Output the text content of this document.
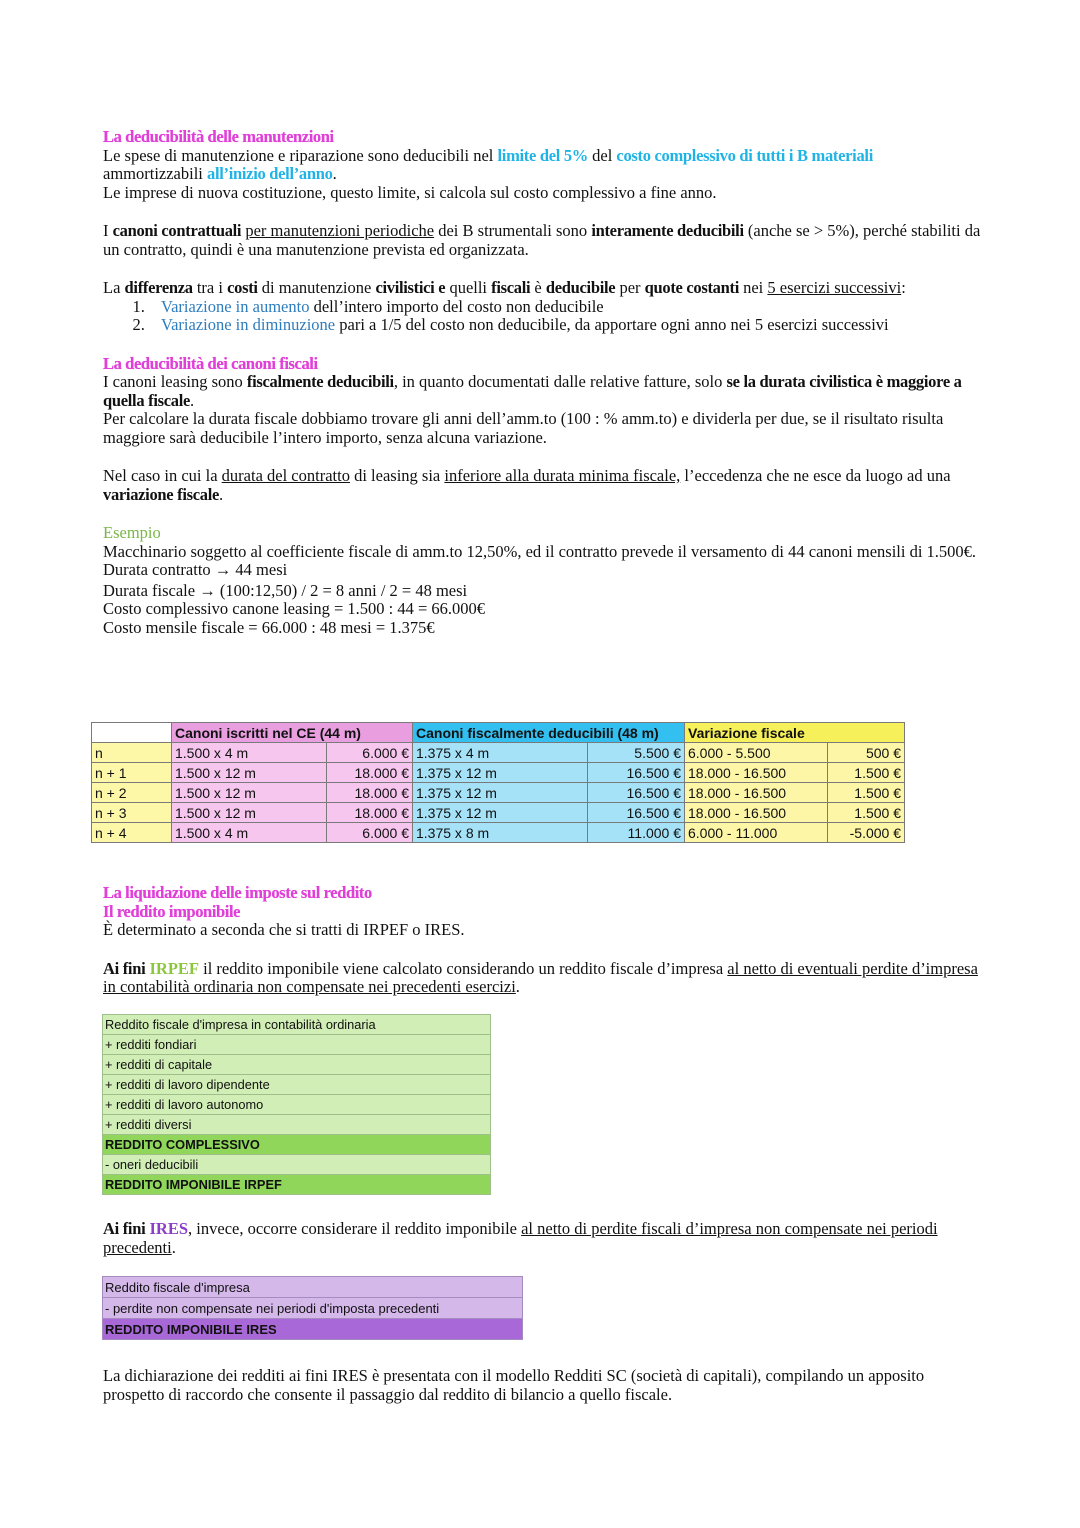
La deducibilità delle manutenzioni

Le spese di manutenzione e riparazione sono deducibili nel limite del 5% del costo complessivo di tutti i B materiali
ammortizzabili all’inizio dell’anno.

Le imprese di nuova costituzione, questo limite, si calcola sul costo complessivo a fine anno.

I canoni contrattuali per manutenzioni periodiche dei B strumentali sono interamente deducibili (anche se > 5%), perché stabiliti da un contratto, quindi è una manutenzione prevista ed organizzata.

La differenza tra i costi di manutenzione civilistici e quelli fiscali è deducibile per quote costanti nei 5 esercizi successivi:

1. Variazione in aumento dell’intero importo del costo non deducibile
2. Variazione in diminuzione pari a 1/5 del costo non deducibile, da apportare ogni anno nei 5 esercizi successivi

La deducibilità dei canoni fiscali

I canoni leasing sono fiscalmente deducibili, in quanto documentati dalle relative fatture, solo se la durata civilistica è maggiore a quella fiscale.

Per calcolare la durata fiscale dobbiamo trovare gli anni dell’amm.to (100 : % amm.to) e dividerla per due, se il risultato risulta maggiore sarà deducibile l’intero importo, senza alcuna variazione.

Nel caso in cui la durata del contratto di leasing sia inferiore alla durata minima fiscale, l’eccedenza che ne esce da luogo ad una variazione fiscale.

Esempio

Macchinario soggetto al coefficiente fiscale di amm.to 12,50%, ed il contratto prevede il versamento di 44 canoni mensili di 1.500€.

Durata contratto → 44 mesi

Durata fiscale → (100:12,50) / 2 = 8 anni / 2 = 48 mesi

Costo complessivo canone leasing = 1.500 : 44 = 66.000€

Costo mensile fiscale = 66.000 : 48 mesi = 1.375€

	Canoni iscritti nel CE (44 m)		Canoni fiscalmente deducibili (48 m)		Variazione fiscale	
n	1.500 x 4 m	6.000 €	1.375 x 4 m	5.500 €	6.000 - 5.500	500 €
n + 1	1.500 x 12 m	18.000 €	1.375 x 12 m	16.500 €	18.000 - 16.500	1.500 €
n + 2	1.500 x 12 m	18.000 €	1.375 x 12 m	16.500 €	18.000 - 16.500	1.500 €
n + 3	1.500 x 12 m	18.000 €	1.375 x 12 m	16.500 €	18.000 - 16.500	1.500 €
n + 4	1.500 x 4 m	6.000 €	1.375 x 8 m	11.000 €	6.000 - 11.000	-5.000 €

La liquidazione delle imposte sul reddito

Il reddito imponibile

È determinato a seconda che si tratti di IRPEF o IRES.

Ai fini IRPEF il reddito imponibile viene calcolato considerando un reddito fiscale d’impresa al netto di eventuali perdite d’impresa in contabilità ordinaria non compensate nei precedenti esercizi.

Reddito fiscale d'impresa in contabilità ordinaria
+ redditi fondiari
+ redditi di capitale
+ redditi di lavoro dipendente
+ redditi di lavoro autonomo
+ redditi diversi
REDDITO COMPLESSIVO
- oneri deducibili
REDDITO IMPONIBILE IRPEF

Ai fini IRES, invece, occorre considerare il reddito imponibile al netto di perdite fiscali d’impresa non compensate nei periodi precedenti.

Reddito fiscale d'impresa
- perdite non compensate nei periodi d'imposta precedenti
REDDITO IMPONIBILE IRES

La dichiarazione dei redditi ai fini IRES è presentata con il modello Redditi SC (società di capitali), compilando un apposito prospetto di raccordo che consente il passaggio dal reddito di bilancio a quello fiscale.
